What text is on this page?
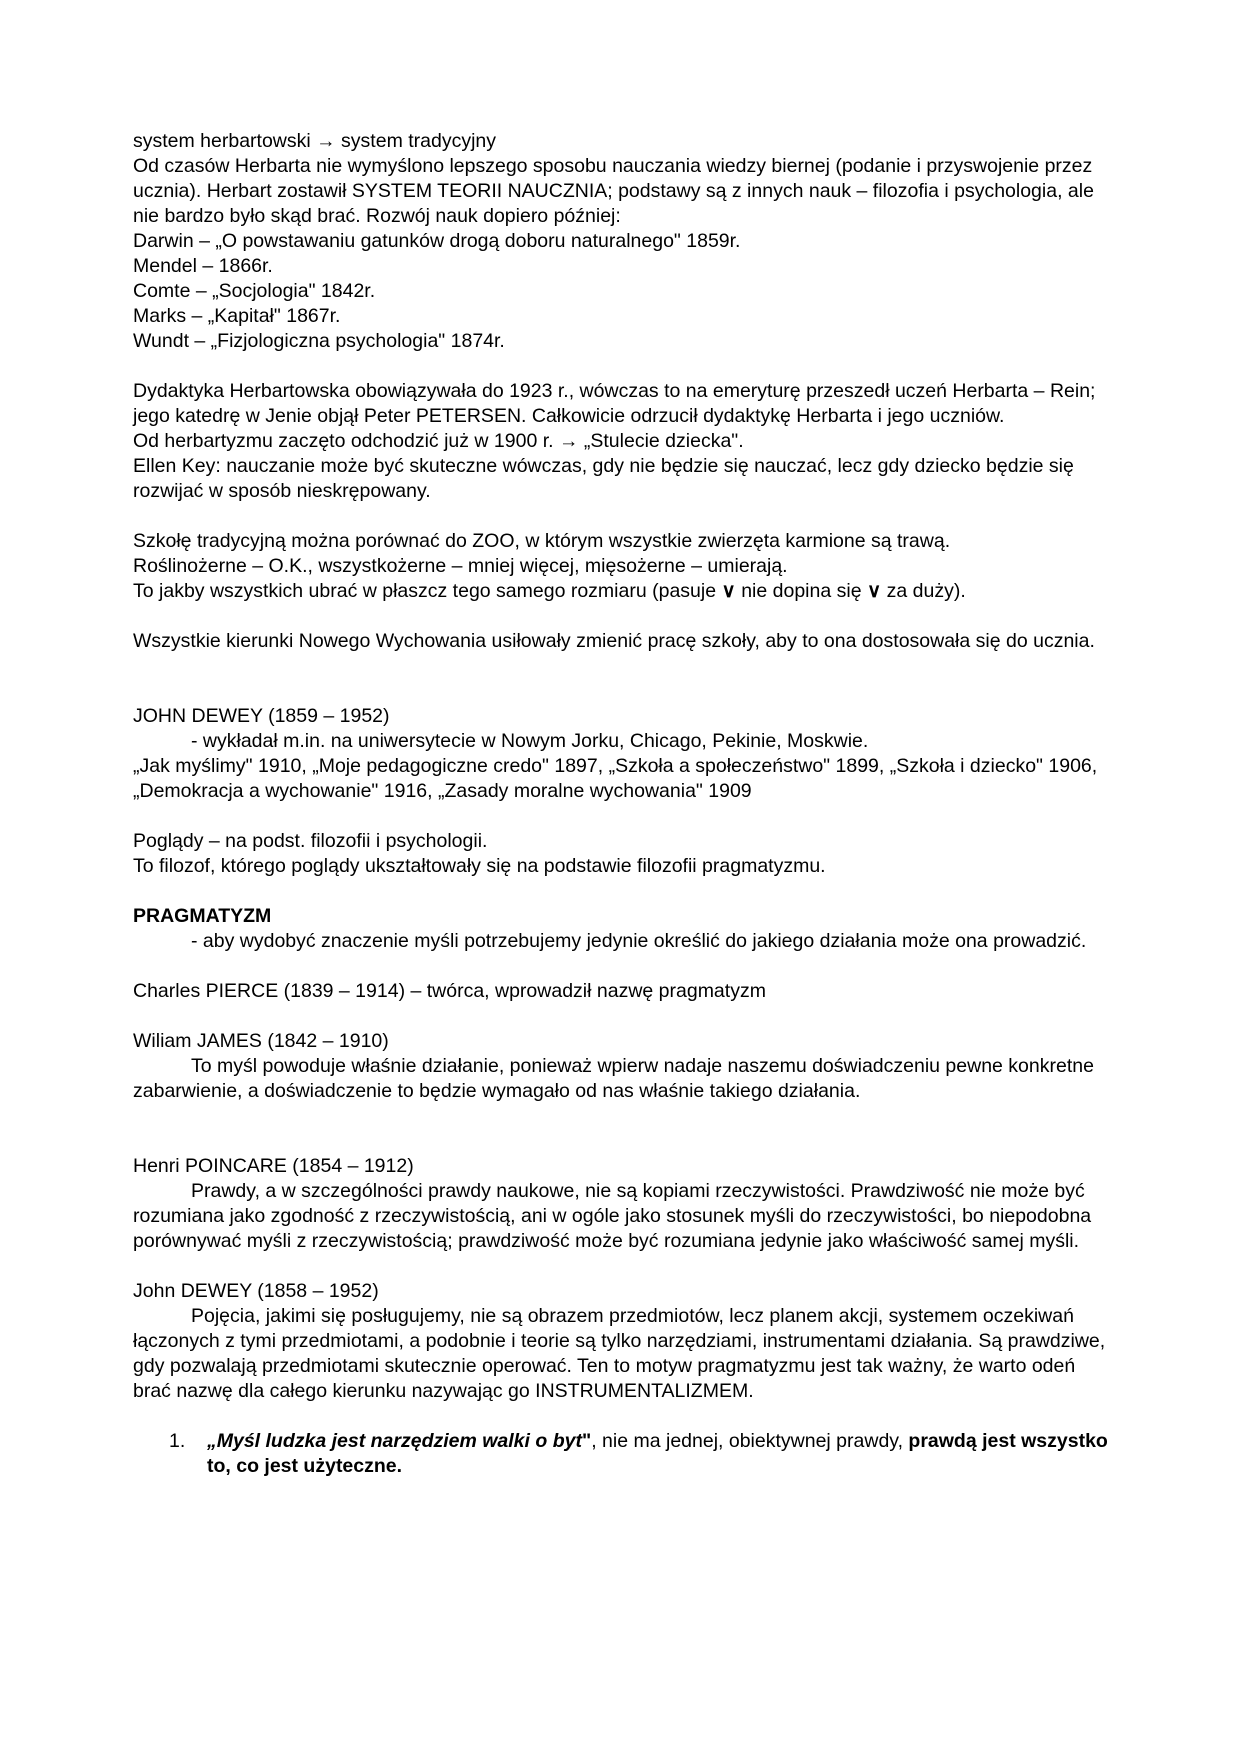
system herbartowski → system tradycyjny

Od czasów Herbarta nie wymyślono lepszego sposobu nauczania wiedzy biernej (podanie i przyswojenie przez ucznia). Herbart zostawił SYSTEM TEORII NAUCZNIA; podstawy są z innych nauk – filozofia i psychologia, ale nie bardzo było skąd brać. Rozwój nauk dopiero później:

Darwin – „O powstawaniu gatunków drogą doboru naturalnego" 1859r.

Mendel – 1866r.

Comte – „Socjologia" 1842r.

Marks – „Kapitał" 1867r.

Wundt – „Fizjologiczna psychologia" 1874r.

Dydaktyka Herbartowska obowiązywała do 1923 r., wówczas to na emeryturę przeszedł uczeń Herbarta – Rein; jego katedrę w Jenie objął Peter PETERSEN. Całkowicie odrzucił dydaktykę Herbarta i jego uczniów.

Od herbartyzmu zaczęto odchodzić już w 1900 r. → „Stulecie dziecka".

Ellen Key: nauczanie może być skuteczne wówczas, gdy nie będzie się nauczać, lecz gdy dziecko będzie się rozwijać w sposób nieskrępowany.

Szkołę tradycyjną można porównać do ZOO, w którym wszystkie zwierzęta karmione są trawą.

Roślinożerne – O.K., wszystkożerne – mniej więcej, mięsożerne – umierają.

To jakby wszystkich ubrać w płaszcz tego samego rozmiaru (pasuje ∨ nie dopina się ∨ za duży).

Wszystkie kierunki Nowego Wychowania usiłowały zmienić pracę szkoły, aby to ona dostosowała się do ucznia.

JOHN DEWEY (1859 – 1952)

- wykładał m.in. na uniwersytecie w Nowym Jorku, Chicago, Pekinie, Moskwie.

„Jak myślimy" 1910, „Moje pedagogiczne credo" 1897, „Szkoła a społeczeństwo" 1899, „Szkoła i dziecko" 1906, „Demokracja a wychowanie" 1916, „Zasady moralne wychowania" 1909

Poglądy – na podst. filozofii i psychologii.

To filozof, którego poglądy ukształtowały się na podstawie filozofii pragmatyzmu.

PRAGMATYZM

- aby wydobyć znaczenie myśli potrzebujemy jedynie określić do jakiego działania może ona prowadzić.

Charles PIERCE (1839 – 1914) – twórca, wprowadził nazwę pragmatyzm

Wiliam JAMES (1842 – 1910)

To myśl powoduje właśnie działanie, ponieważ wpierw nadaje naszemu doświadczeniu pewne konkretne zabarwienie, a doświadczenie to będzie wymagało od nas właśnie takiego działania.

Henri POINCARE (1854 – 1912)

Prawdy, a w szczególności prawdy naukowe, nie są kopiami rzeczywistości. Prawdziwość nie może być rozumiana jako zgodność z rzeczywistością, ani w ogóle jako stosunek myśli do rzeczywistości, bo niepodobna porównywać myśli z rzeczywistością; prawdziwość może być rozumiana jedynie jako właściwość samej myśli.

John DEWEY (1858 – 1952)

Pojęcia, jakimi się posługujemy, nie są obrazem przedmiotów, lecz planem akcji, systemem oczekiwań łączonych z tymi przedmiotami, a podobnie i teorie są tylko narzędziami, instrumentami działania. Są prawdziwe, gdy pozwalają przedmiotami skutecznie operować. Ten to motyw pragmatyzmu jest tak ważny, że warto odeń brać nazwę dla całego kierunku nazywając go INSTRUMENTALIZMEM.

1.	„Myśl ludzka jest narzędziem walki o byt", nie ma jednej, obiektywnej prawdy, prawdą jest wszystko to, co jest użyteczne.
